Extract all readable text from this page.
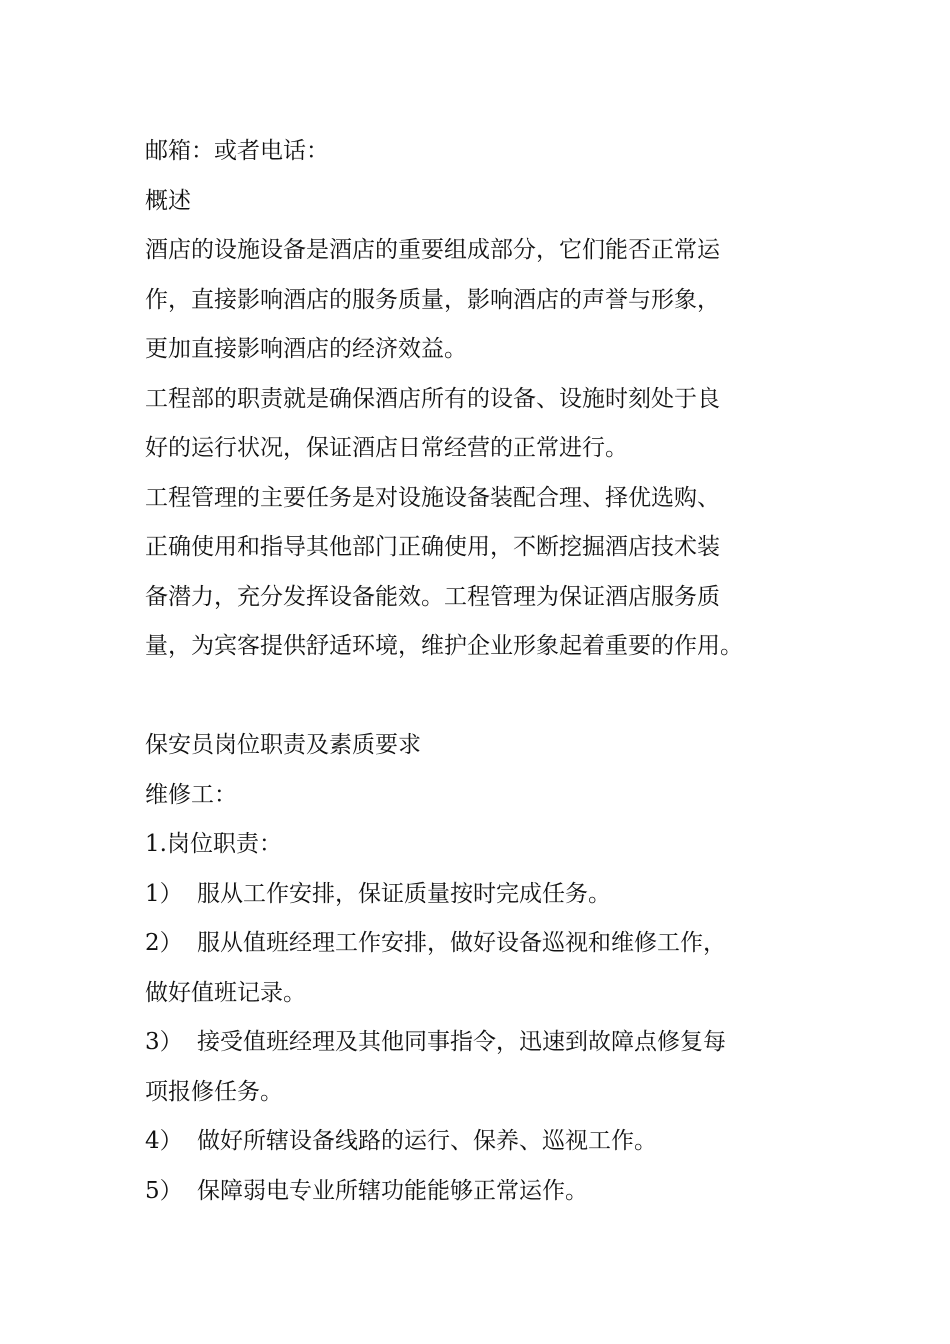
邮箱：或者电话：

概述

酒店的设施设备是酒店的重要组成部分，它们能否正常运

作，直接影响酒店的服务质量，影响酒店的声誉与形象，

更加直接影响酒店的经济效益。

工程部的职责就是确保酒店所有的设备、设施时刻处于良

好的运行状况，保证酒店日常经营的正常进行。

工程管理的主要任务是对设施设备装配合理、择优选购、

正确使用和指导其他部门正确使用，不断挖掘酒店技术装

备潜力，充分发挥设备能效。工程管理为保证酒店服务质

量，为宾客提供舒适环境，维护企业形象起着重要的作用。

保安员岗位职责及素质要求

维修工：

1.岗位职责：

1） 服从工作安排，保证质量按时完成任务。

2） 服从值班经理工作安排，做好设备巡视和维修工作，

做好值班记录。

3） 接受值班经理及其他同事指令，迅速到故障点修复每

项报修任务。

4） 做好所辖设备线路的运行、保养、巡视工作。

5） 保障弱电专业所辖功能能够正常运作。
